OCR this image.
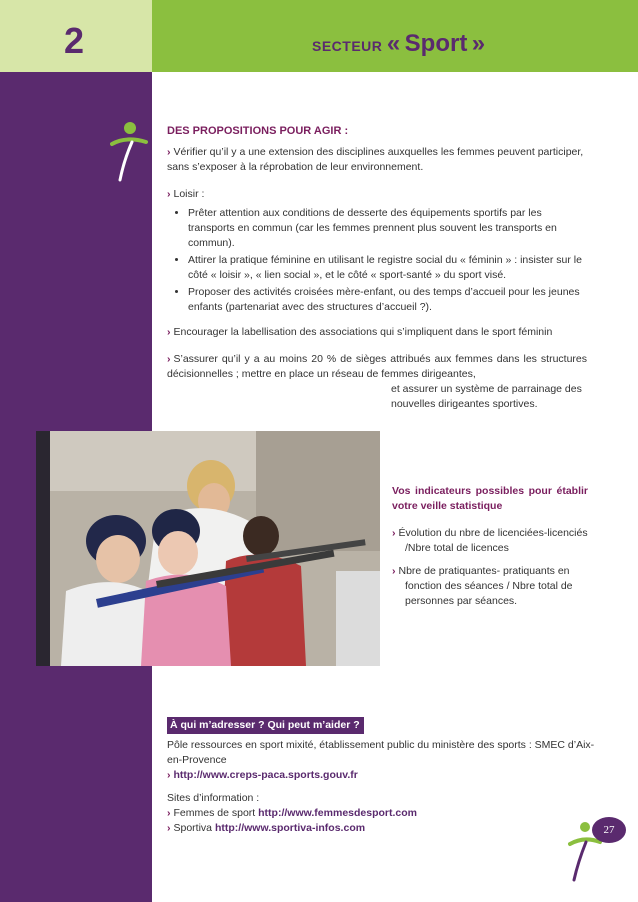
2	SECTEUR « Sport »

DES PROPOSITIONS POUR AGIR :

› Vérifier qu’il y a une extension des disciplines auxquelles les femmes peuvent participer, sans s’exposer à la réprobation de leur environnement.

› Loisir :

• Prêter attention aux conditions de desserte des équipements sportifs par les transports en commun (car les femmes prennent plus souvent les transports en commun).
• Attirer la pratique féminine en utilisant le registre social du « féminin » : insister sur le côté « loisir », « lien social », et le côté « sport-santé » du sport visé.
• Proposer des activités croisées mère-enfant, ou des temps d’accueil pour les jeunes enfants (partenariat avec des structures d’accueil ?).

› Encourager la labellisation des associations qui s’impliquent dans le sport féminin

› S’assurer qu’il y a au moins 20 % de sièges attribués aux femmes dans les structures décisionnelles ; mettre en place un réseau de femmes dirigeantes,

et assurer un système de parrainage des nouvelles dirigeantes sportives.

Vos indicateurs possibles pour établir votre veille statistique

› Évolution du nbre de licenciées-licenciés /Nbre total de licences

› Nbre de pratiquantes- pratiquants en fonction des séances / Nbre total de personnes par séances.

À qui m’adresser ? Qui peut m’aider ?

Pôle ressources en sport mixité, établissement public du ministère des sports : SMEC d’Aix-en-Provence

› http://www.creps-paca.sports.gouv.fr

Sites d’information :

› Femmes de sport http://www.femmesdesport.com

› Sportiva http://www.sportiva-infos.com	27
